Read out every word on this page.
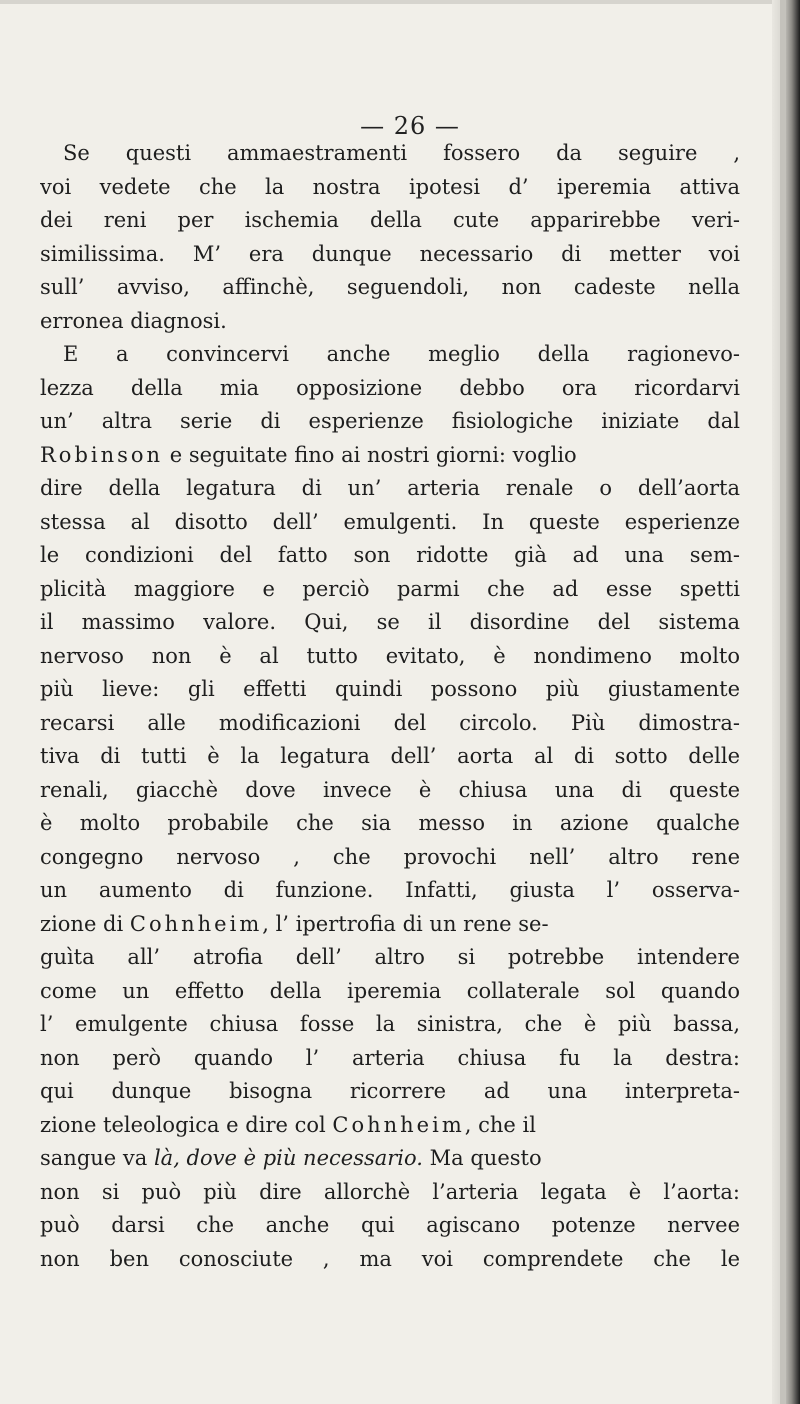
— 26 —
Se questi ammaestramenti fossero da seguire ,
voi vedete che la nostra ipotesi d’ iperemia attiva
dei reni per ischemia della cute apparirebbe veri-
similissima. M’ era dunque necessario di metter voi
sull’ avviso, affinchè, seguendoli, non cadeste nella
erronea diagnosi.
E a convincervi anche meglio della ragionevo-
lezza della mia opposizione debbo ora ricordarvi
un’ altra serie di esperienze fisiologiche iniziate dal
Robinson e seguitate fino ai nostri giorni: voglio
dire della legatura di un’ arteria renale o dell’aorta
stessa al disotto dell’ emulgenti. In queste esperienze
le condizioni del fatto son ridotte già ad una sem-
plicità maggiore e perciò parmi che ad esse spetti
il massimo valore. Qui, se il disordine del sistema
nervoso non è al tutto evitato, è nondimeno molto
più lieve: gli effetti quindi possono più giustamente
recarsi alle modificazioni del circolo. Più dimostra-
tiva di tutti è la legatura dell’ aorta al di sotto delle
renali, giacchè dove invece è chiusa una di queste
è molto probabile che sia messo in azione qualche
congegno nervoso , che provochi nell’ altro rene
un aumento di funzione. Infatti, giusta l’ osserva-
zione di Cohnheim, l’ ipertrofia di un rene se-
guìta all’ atrofia dell’ altro si potrebbe intendere
come un effetto della iperemia collaterale sol quando
l’ emulgente chiusa fosse la sinistra, che è più bassa,
non però quando l’ arteria chiusa fu la destra:
qui dunque bisogna ricorrere ad una interpreta-
zione teleologica e dire col Cohnheim, che il
sangue va là, dove è più necessario. Ma questo
non si può più dire allorchè l’arteria legata è l’aorta:
può darsi che anche qui agiscano potenze nervee
non ben conosciute , ma voi comprendete che le
